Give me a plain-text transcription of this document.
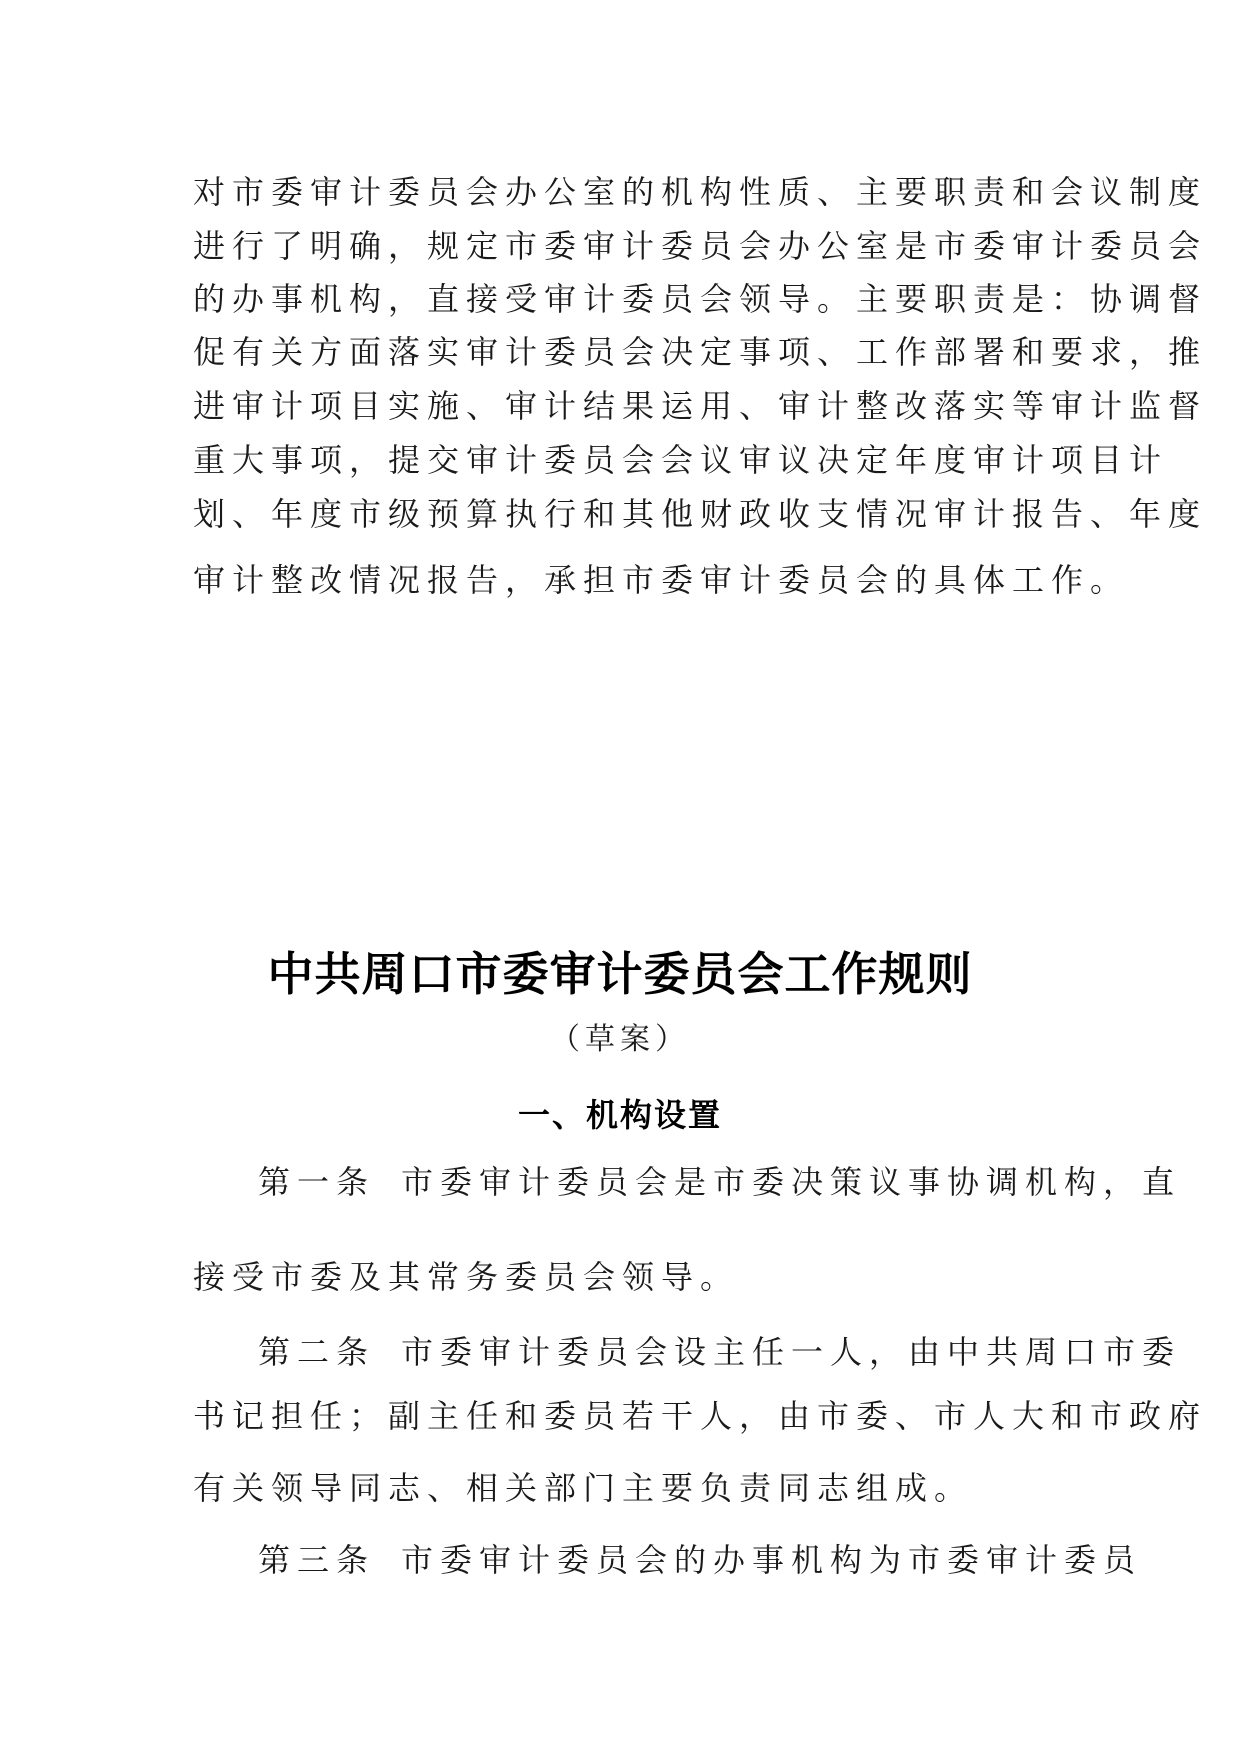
对市委审计委员会办公室的机构性质、主要职责和会议制度
进行了明确，规定市委审计委员会办公室是市委审计委员会
的办事机构，直接受审计委员会领导。主要职责是：协调督
促有关方面落实审计委员会决定事项、工作部署和要求，推
进审计项目实施、审计结果运用、审计整改落实等审计监督
重大事项，提交审计委员会会议审议决定年度审计项目计
划、年度市级预算执行和其他财政收支情况审计报告、年度
审计整改情况报告，承担市委审计委员会的具体工作。
中共周口市委审计委员会工作规则
（草案）
一、机构设置
第一条 市委审计委员会是市委决策议事协调机构，直
接受市委及其常务委员会领导。
第二条 市委审计委员会设主任一人，由中共周口市委
书记担任；副主任和委员若干人，由市委、市人大和市政府
有关领导同志、相关部门主要负责同志组成。
第三条 市委审计委员会的办事机构为市委审计委员
